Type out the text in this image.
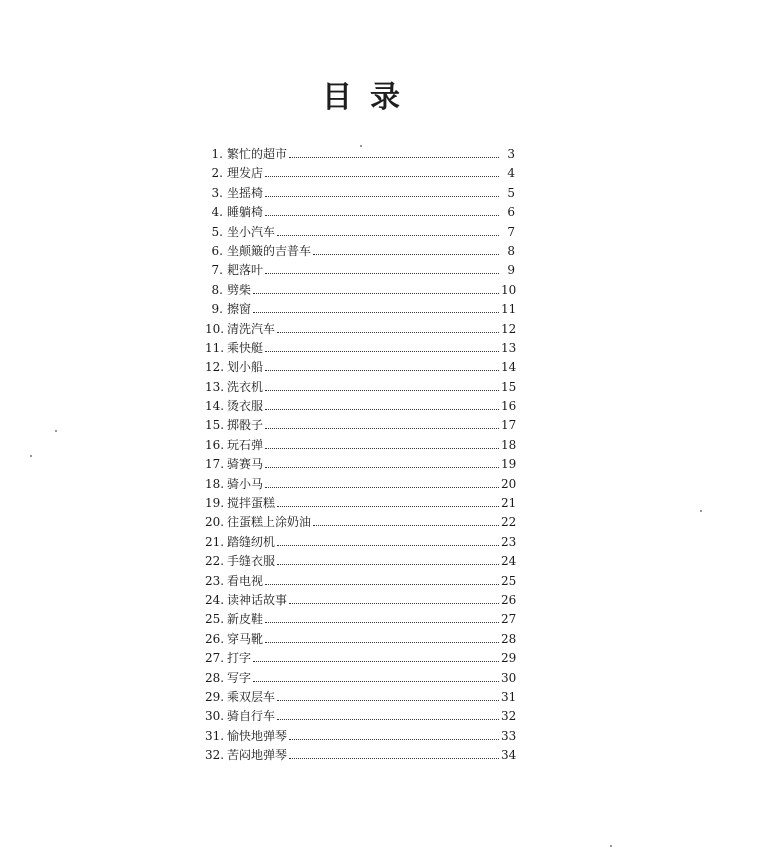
目录
1. 繁忙的超市	3
2. 理发店	4
3. 坐摇椅	5
4. 睡躺椅	6
5. 坐小汽车	7
6. 坐颠簸的吉普车	8
7. 耙落叶	9
8. 劈柴	10
9. 擦窗	11
10. 清洗汽车	12
11. 乘快艇	13
12. 划小船	14
13. 洗衣机	15
14. 烫衣服	16
15. 掷骰子	17
16. 玩石弹	18
17. 骑赛马	19
18. 骑小马	20
19. 搅拌蛋糕	21
20. 往蛋糕上涂奶油	22
21. 踏缝纫机	23
22. 手缝衣服	24
23. 看电视	25
24. 读神话故事	26
25. 新皮鞋	27
26. 穿马靴	28
27. 打字	29
28. 写字	30
29. 乘双层车	31
30. 骑自行车	32
31. 愉快地弹琴	33
32. 苦闷地弹琴	34
